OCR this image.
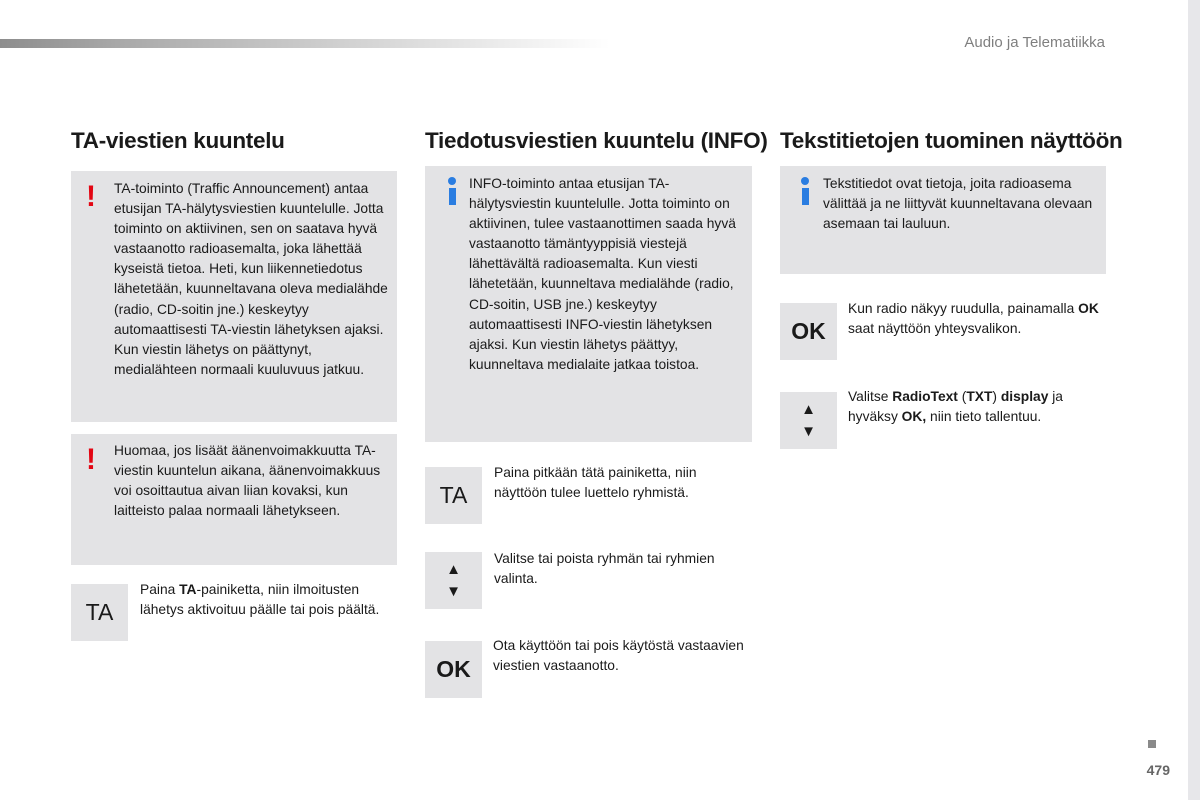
Audio ja Telematiikka
TA-viestien kuuntelu
! TA-toiminto (Traffic Announcement) antaa etusijan TA-hälytysviestien kuuntelulle. Jotta toiminto on aktiivinen, sen on saatava hyvä vastaanotto radioasemalta, joka lähettää kyseistä tietoa. Heti, kun liikennetiedotus lähetetään, kuunneltavana oleva medialähde (radio, CD-soitin jne.) keskeytyy automaattisesti TA-viestin lähetyksen ajaksi. Kun viestin lähetys on päättynyt, medialähteen normaali kuuluvuus jatkuu.
! Huomaa, jos lisäät äänenvoimakkuutta TA-viestin kuuntelun aikana, äänenvoimakkuus voi osoittautua aivan liian kovaksi, kun laitteisto palaa normaali lähetykseen.
TA
Paina TA-painiketta, niin ilmoitusten lähetys aktivoituu päälle tai pois päältä.
Tiedotusviestien kuuntelu (INFO)
INFO-toiminto antaa etusijan TA-hälytysviestin kuuntelulle. Jotta toiminto on aktiivinen, tulee vastaanottimen saada hyvä vastaanotto tämäntyyppisiä viestejä lähettävältä radioasemalta. Kun viesti lähetetään, kuunneltava medialähde (radio, CD-soitin, USB jne.) keskeytyy automaattisesti INFO-viestin lähetyksen ajaksi. Kun viestin lähetys päättyy, kuunneltava medialaite jatkaa toistoa.
TA
Paina pitkään tätä painiketta, niin näyttöön tulee luettelo ryhmistä.
▲
▼
Valitse tai poista ryhmän tai ryhmien valinta.
OK
Ota käyttöön tai pois käytöstä vastaavien viestien vastaanotto.
Tekstitietojen tuominen näyttöön
Tekstitiedot ovat tietoja, joita radioasema välittää ja ne liittyvät kuunneltavana olevaan asemaan tai lauluun.
OK
Kun radio näkyy ruudulla, painamalla OK saat näyttöön yhteysvalikon.
▲
▼
Valitse RadioText (TXT) display ja hyväksy OK, niin tieto tallentuu.
479
